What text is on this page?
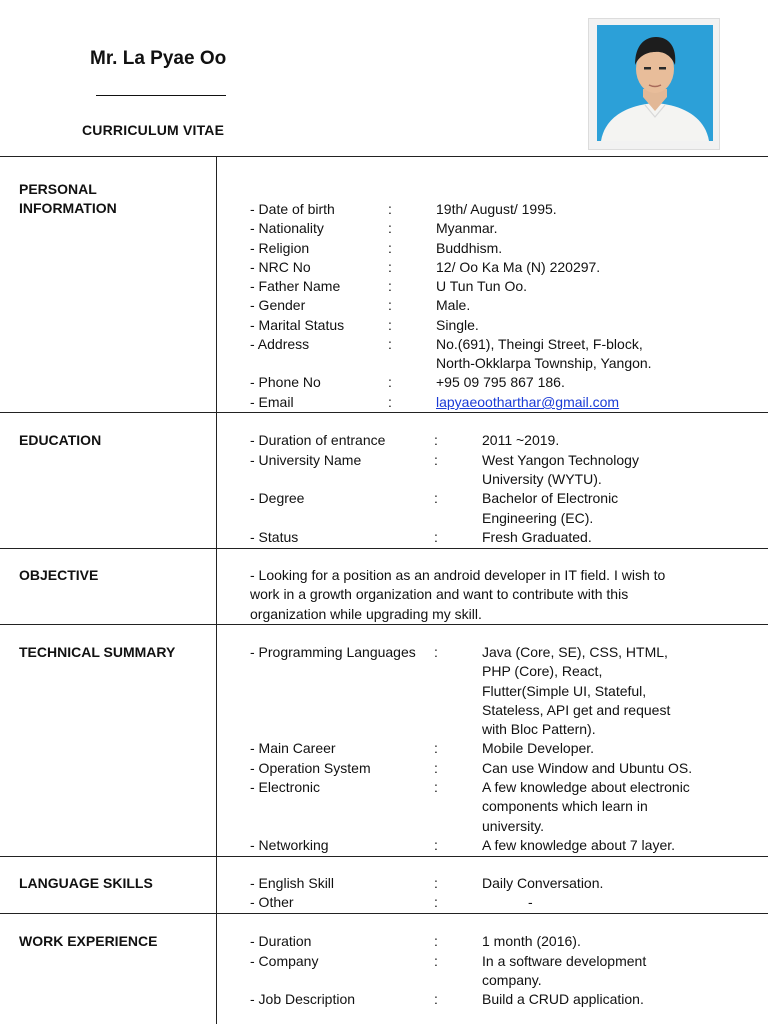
Mr. La Pyae Oo
CURRICULUM VITAE
PERSONAL
INFORMATION	- Date of birth	:	19th/ August/ 1995.
- Nationality	:	Myanmar.
- Religion	:	Buddhism.
- NRC No	:	12/ Oo Ka Ma (N) 220297.
- Father Name	:	U Tun Tun Oo.
- Gender	:	Male.
- Marital Status	:	Single.
- Address	:	No.(691), Theingi Street, F-block,
North-Okklarpa Township, Yangon.
- Phone No	:	+95 09 795 867 186.
- Email	:	lapyaeootharthar@gmail.com
EDUCATION	- Duration of entrance	:	2011 ~2019.
- University Name	:	West Yangon Technology
University (WYTU).
- Degree	:	Bachelor of Electronic
Engineering (EC).
- Status	:	Fresh Graduated.
OBJECTIVE	- Looking for a position as an android developer in IT field. I wish to
work in a growth organization and want to contribute with this
organization while upgrading my skill.
TECHNICAL SUMMARY	- Programming Languages :	Java (Core, SE), CSS, HTML,
PHP (Core), React,
Flutter(Simple UI, Stateful,
Stateless, API get and request
with Bloc Pattern).
- Main Career	:	Mobile Developer.
- Operation System	:	Can use Window and Ubuntu OS.
- Electronic	:	A few knowledge about electronic
components which learn in
university.
- Networking	:	A few knowledge about 7 layer.
LANGUAGE SKILLS	- English Skill	:	Daily Conversation.
- Other	:	-
WORK EXPERIENCE	- Duration	:	1 month (2016).
- Company	:	In a software development
company.
- Job Description	:	Build a CRUD application.
